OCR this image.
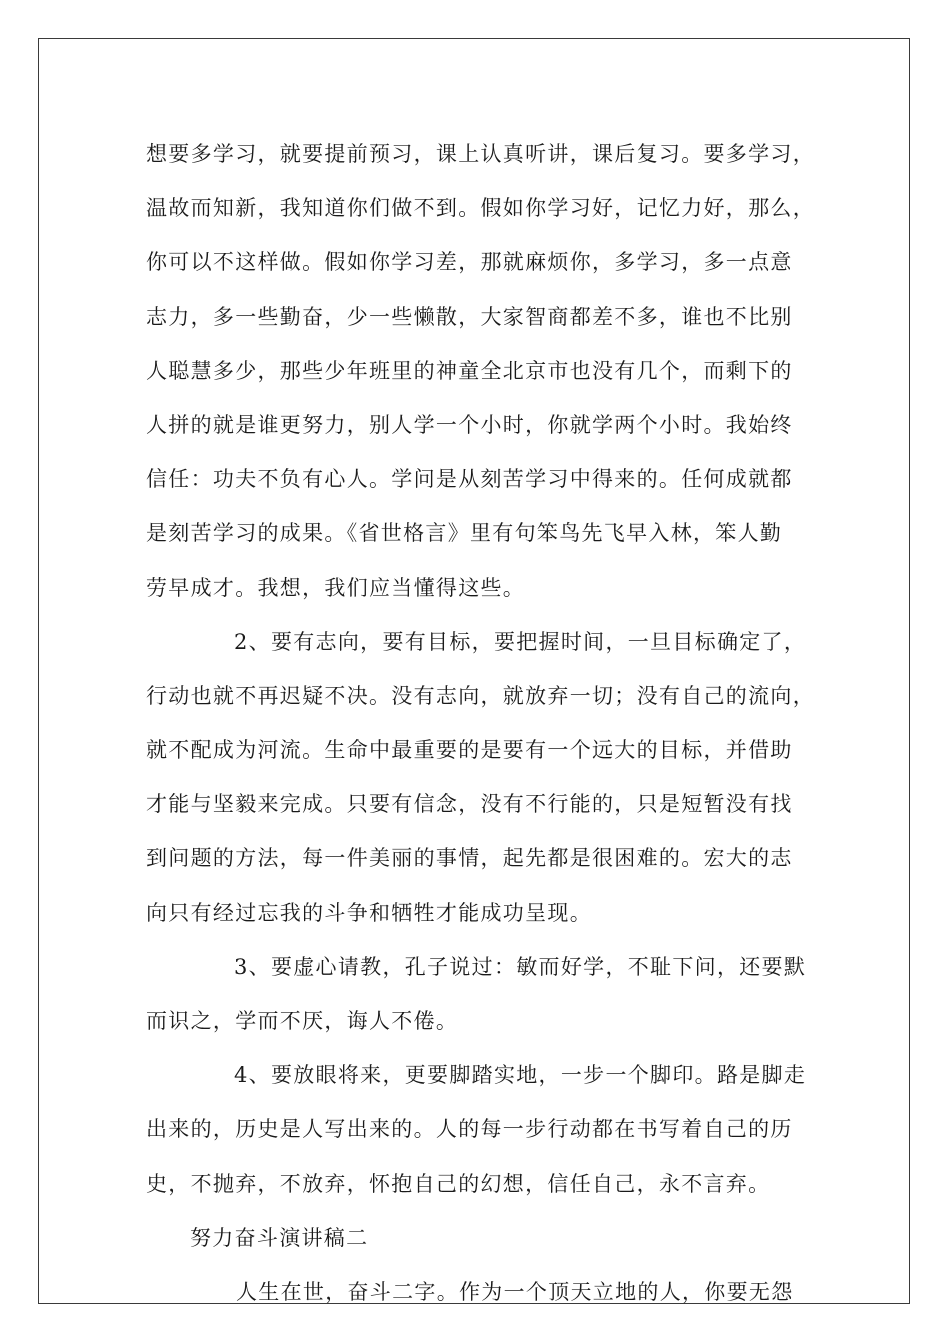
想要多学习，就要提前预习，课上认真听讲，课后复习。要多学习，
温故而知新，我知道你们做不到。假如你学习好，记忆力好，那么，
你可以不这样做。假如你学习差，那就麻烦你，多学习，多一点意
志力，多一些勤奋，少一些懒散，大家智商都差不多，谁也不比别
人聪慧多少，那些少年班里的神童全北京市也没有几个，而剩下的
人拼的就是谁更努力，别人学一个小时，你就学两个小时。我始终
信任：功夫不负有心人。学问是从刻苦学习中得来的。任何成就都
是刻苦学习的成果。《省世格言》里有句笨鸟先飞早入林，笨人勤
劳早成才。我想，我们应当懂得这些。
2、要有志向，要有目标，要把握时间，一旦目标确定了，
行动也就不再迟疑不决。没有志向，就放弃一切；没有自己的流向，
就不配成为河流。生命中最重要的是要有一个远大的目标，并借助
才能与坚毅来完成。只要有信念，没有不行能的，只是短暂没有找
到问题的方法，每一件美丽的事情，起先都是很困难的。宏大的志
向只有经过忘我的斗争和牺牲才能成功呈现。
3、要虚心请教，孔子说过：敏而好学，不耻下问，还要默
而识之，学而不厌，诲人不倦。
4、要放眼将来，更要脚踏实地，一步一个脚印。路是脚走
出来的，历史是人写出来的。人的每一步行动都在书写着自己的历
史，不抛弃，不放弃，怀抱自己的幻想，信任自己，永不言弃。
努力奋斗演讲稿二
人生在世，奋斗二字。作为一个顶天立地的人，你要无怨
